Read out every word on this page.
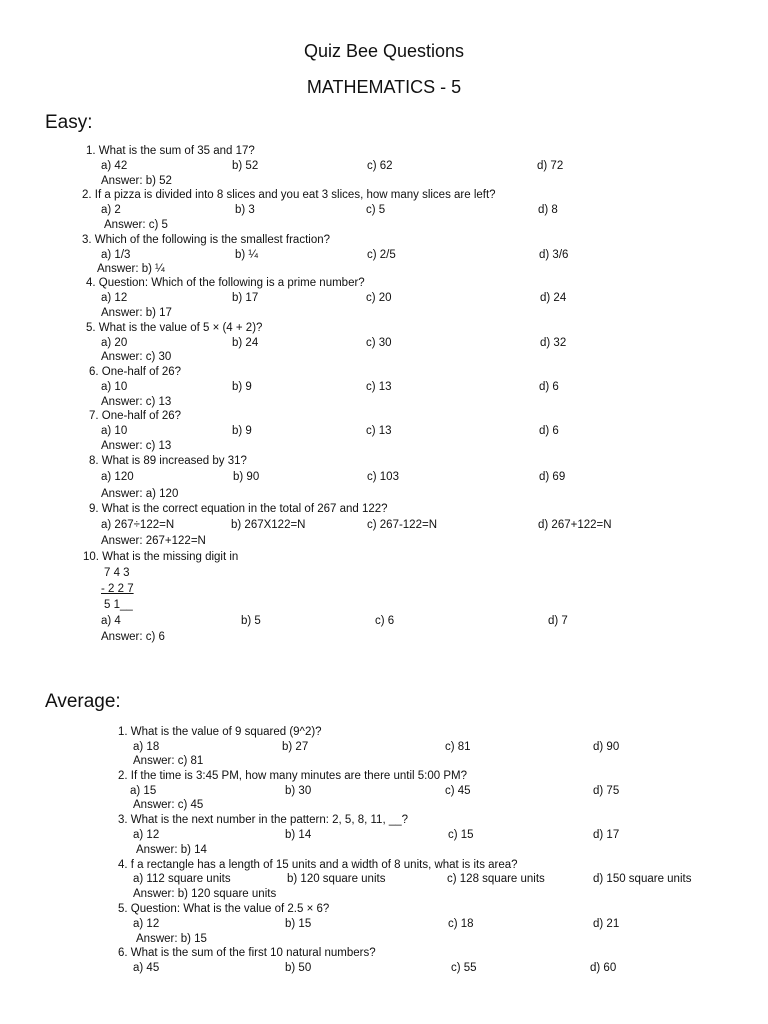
Quiz Bee Questions
MATHEMATICS - 5
Easy:
1. What is the sum of 35 and 17?
a) 42	b) 52	c) 62	d) 72
Answer: b) 52
2. If a pizza is divided into 8 slices and you eat 3 slices, how many slices are left?
a) 2	b) 3	c) 5	d) 8
Answer: c) 5
3. Which of the following is the smallest fraction?
a) 1/3	b) ¼	c) 2/5	d) 3/6
Answer: b) ¼
4. Question: Which of the following is a prime number?
a) 12	b) 17	c) 20	d) 24
Answer: b) 17
5. What is the value of 5 × (4 + 2)?
a) 20	b) 24	c) 30	d) 32
Answer: c) 30
6. One-half of 26?
a) 10	b) 9	c) 13	d) 6
Answer: c) 13
7. One-half of 26?
a) 10	b) 9	c) 13	d) 6
Answer: c) 13
8. What is 89 increased by 31?
a) 120	b) 90	c) 103	d) 69
Answer: a) 120
9. What is the correct equation in the total of 267 and 122?
a) 267÷122=N	b) 267X122=N	c) 267-122=N	d) 267+122=N
Answer: 267+122=N
10. What is the missing digit in
7 4 3
- 2 2 7
5 1__
a) 4	b) 5	c) 6	d) 7
Answer: c) 6
Average:
1. What is the value of 9 squared (9^2)?
a) 18	b) 27	c) 81	d) 90
Answer: c) 81
2. If the time is 3:45 PM, how many minutes are there until 5:00 PM?
a) 15	b) 30	c) 45	d) 75
Answer: c) 45
3. What is the next number in the pattern: 2, 5, 8, 11, __?
a) 12	b) 14	c) 15	d) 17
Answer: b) 14
4. f a rectangle has a length of 15 units and a width of 8 units, what is its area?
a) 112 square units	b) 120 square units	c) 128 square units	d) 150 square units
Answer: b) 120 square units
5. Question: What is the value of 2.5 × 6?
a) 12	b) 15	c) 18	d) 21
Answer: b) 15
6. What is the sum of the first 10 natural numbers?
a) 45	b) 50	c) 55	d) 60
